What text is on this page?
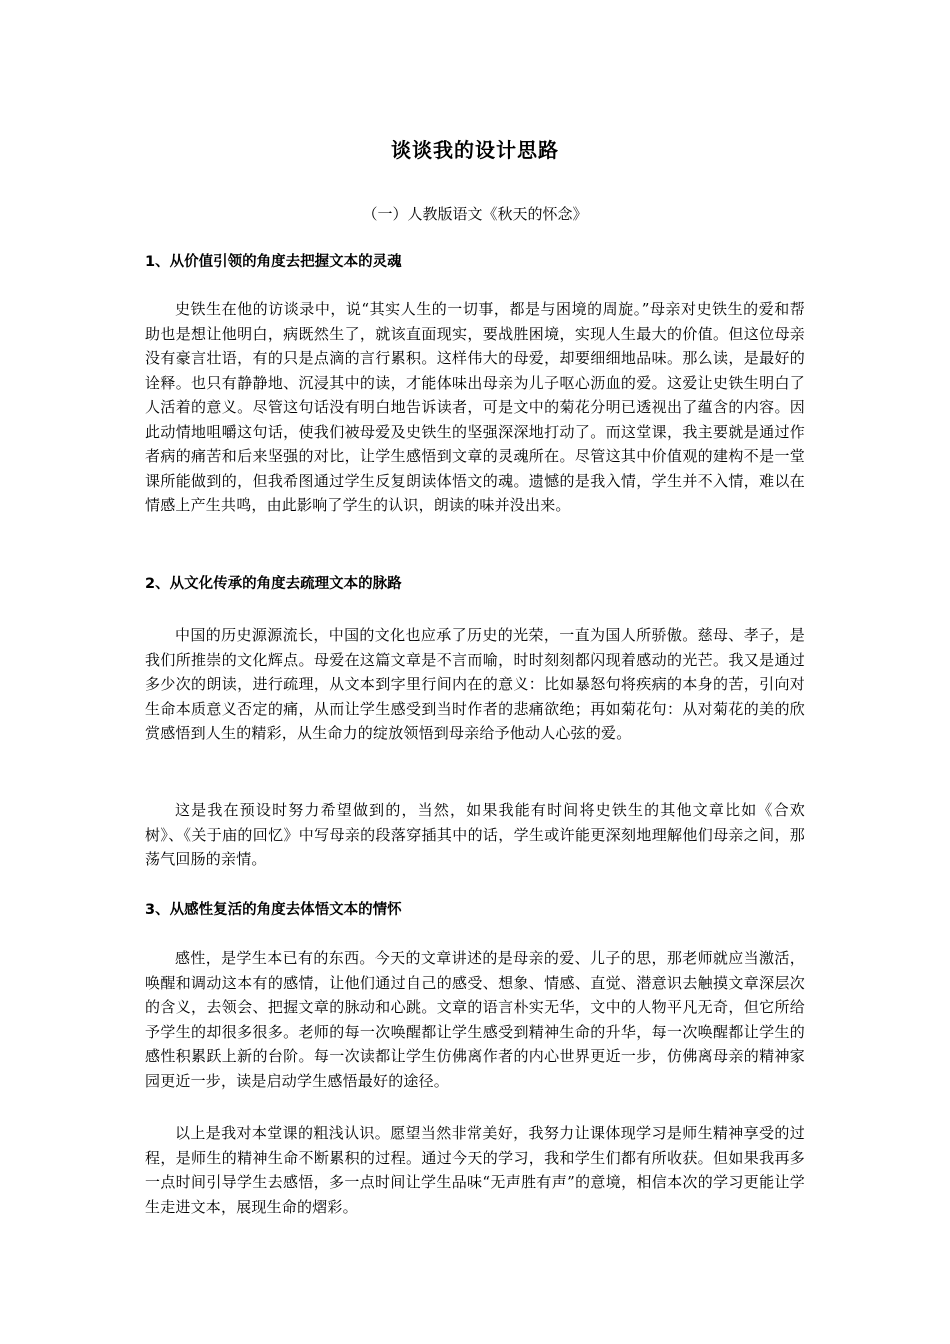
谈谈我的设计思路
（一）人教版语文《秋天的怀念》
1、从价值引领的角度去把握文本的灵魂
史铁生在他的访谈录中，说“其实人生的一切事，都是与困境的周旋。”母亲对史铁生的爱和帮助也是想让他明白，病既然生了，就该直面现实，要战胜困境，实现人生最大的价值。但这位母亲没有豪言壮语，有的只是点滴的言行累积。这样伟大的母爱，却要细细地品味。那么读，是最好的诠释。也只有静静地、沉浸其中的读，才能体味出母亲为儿子呕心沥血的爱。这爱让史铁生明白了人活着的意义。尽管这句话没有明白地告诉读者，可是文中的菊花分明已透视出了蕴含的内容。因此动情地咀嚼这句话，使我们被母爱及史铁生的坚强深深地打动了。而这堂课，我主要就是通过作者病的痛苦和后来坚强的对比，让学生感悟到文章的灵魂所在。尽管这其中价值观的建构不是一堂课所能做到的，但我希图通过学生反复朗读体悟文的魂。遗憾的是我入情，学生并不入情，难以在情感上产生共鸣，由此影响了学生的认识，朗读的味并没出来。
2、从文化传承的角度去疏理文本的脉路
中国的历史源源流长，中国的文化也应承了历史的光荣，一直为国人所骄傲。慈母、孝子，是我们所推崇的文化辉点。母爱在这篇文章是不言而喻，时时刻刻都闪现着感动的光芒。我又是通过多少次的朗读，进行疏理，从文本到字里行间内在的意义：比如暴怒句将疾病的本身的苦，引向对生命本质意义否定的痛，从而让学生感受到当时作者的悲痛欲绝；再如菊花句：从对菊花的美的欣赏感悟到人生的精彩，从生命力的绽放领悟到母亲给予他动人心弦的爱。
这是我在预设时努力希望做到的，当然，如果我能有时间将史铁生的其他文章比如《合欢树》、《关于庙的回忆》中写母亲的段落穿插其中的话，学生或许能更深刻地理解他们母亲之间，那荡气回肠的亲情。
3、从感性复活的角度去体悟文本的情怀
感性，是学生本已有的东西。今天的文章讲述的是母亲的爱、儿子的思，那老师就应当激活，唤醒和调动这本有的感情，让他们通过自己的感受、想象、情感、直觉、潜意识去触摸文章深层次的含义，去领会、把握文章的脉动和心跳。文章的语言朴实无华，文中的人物平凡无奇，但它所给予学生的却很多很多。老师的每一次唤醒都让学生感受到精神生命的升华，每一次唤醒都让学生的感性积累跃上新的台阶。每一次读都让学生仿佛离作者的内心世界更近一步，仿佛离母亲的精神家园更近一步，读是启动学生感悟最好的途径。
以上是我对本堂课的粗浅认识。愿望当然非常美好，我努力让课体现学习是师生精神享受的过程，是师生的精神生命不断累积的过程。通过今天的学习，我和学生们都有所收获。但如果我再多一点时间引导学生去感悟，多一点时间让学生品味“无声胜有声”的意境，相信本次的学习更能让学生走进文本，展现生命的熠彩。
